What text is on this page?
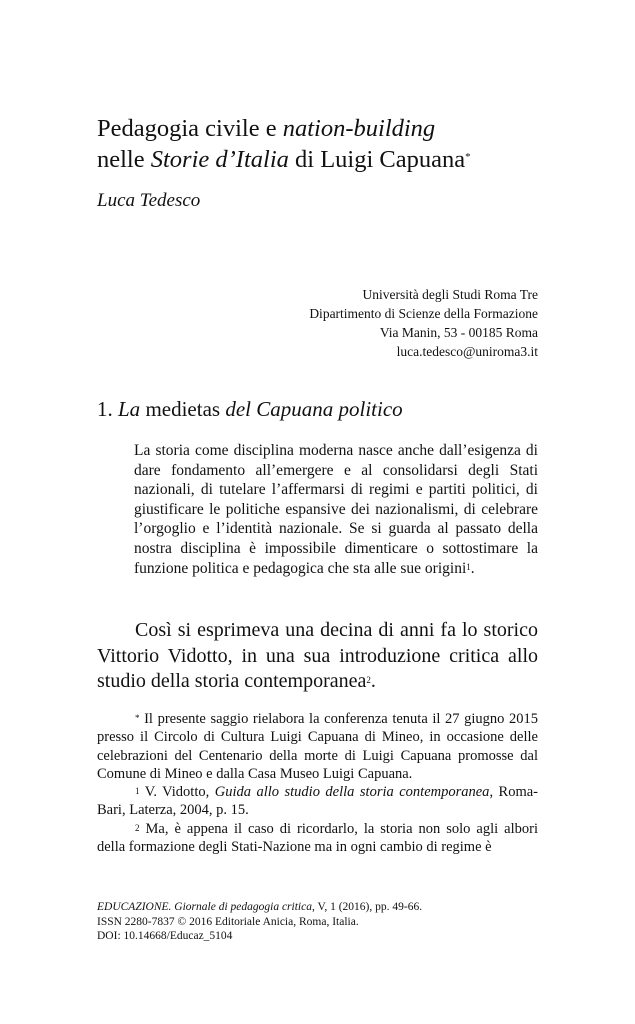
Pedagogia civile e nation-building
nelle Storie d’Italia di Luigi Capuana*
Luca Tedesco
Università degli Studi Roma Tre
Dipartimento di Scienze della Formazione
Via Manin, 53 - 00185 Roma
luca.tedesco@uniroma3.it
1. La medietas del Capuana politico
La storia come disciplina moderna nasce anche dall’esigenza di dare fondamento all’emergere e al consolidarsi degli Stati nazionali, di tutelare l’affermarsi di regimi e partiti politici, di giustificare le politiche espansive dei nazionalismi, di celebrare l’orgoglio e l’identità nazionale. Se si guarda al passato della nostra disciplina è impossibile dimenticare o sottostimare la funzione politica e pedagogica che sta alle sue origini$^1$.
Così si esprimeva una decina di anni fa lo storico Vittorio Vidotto, in una sua introduzione critica allo studio della storia contemporanea$^2$.

* Il presente saggio rielabora la conferenza tenuta il 27 giugno 2015 presso il Circolo di Cultura Luigi Capuana di Mineo, in occasione delle celebrazioni del Centenario della morte di Luigi Capuana promosse dal Comune di Mineo e dalla Casa Museo Luigi Capuana.

$^1$ V. Vidotto, Guida allo studio della storia contemporanea, Roma-Bari, Laterza, 2004, p. 15.

$^2$ Ma, è appena il caso di ricordarlo, la storia non solo agli albori della formazione degli Stati-Nazione ma in ogni cambio di regime è

EDUCAZIONE. Giornale di pedagogia critica, V, 1 (2016), pp. 49-66.
ISSN 2280-7837 © 2016 Editoriale Anicia, Roma, Italia.
DOI: 10.14668/Educaz_5104
